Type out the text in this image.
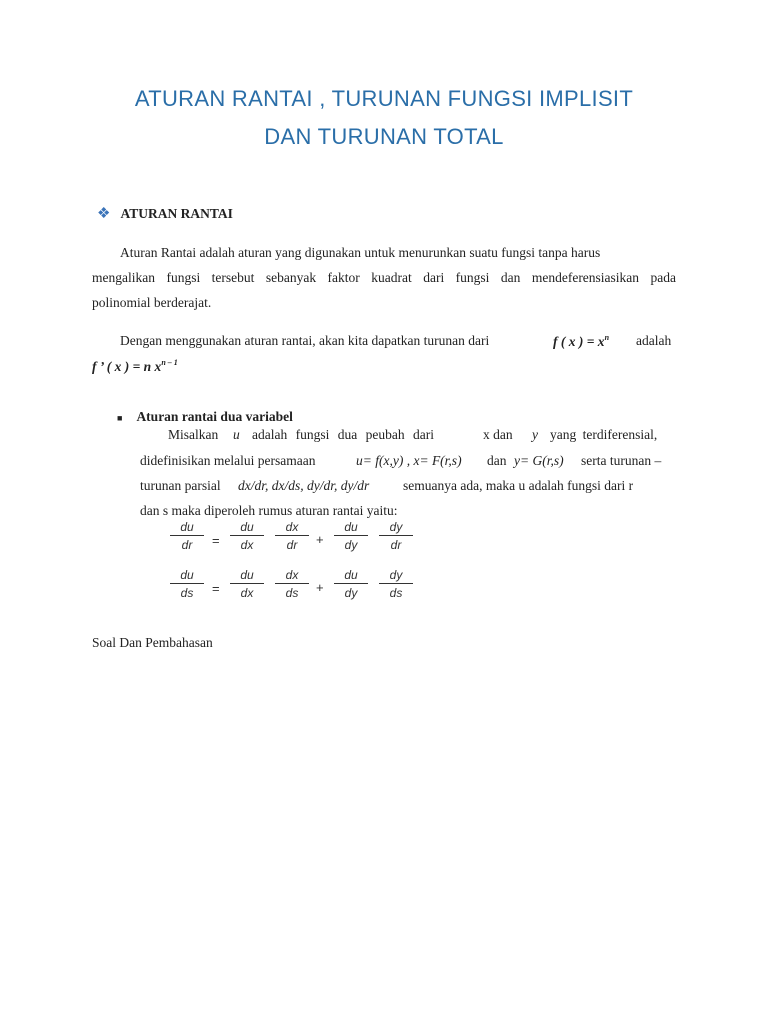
ATURAN RANTAI , TURUNAN FUNGSI IMPLISIT
DAN TURUNAN TOTAL
❖ ATURAN RANTAI
Aturan Rantai adalah aturan yang digunakan untuk menurunkan suatu fungsi tanpa harus
mengalikan fungsi tersebut sebanyak faktor kuadrat dari fungsi dan mendeferensiasikan pada
polinomial berderajat.
Dengan menggunakan aturan rantai, akan kita dapatkan turunan dari	f ( x ) = $x^n$ adalah
f ’ ( x ) = n $x^{n - 1}$
■ Aturan rantai dua variabel
Misalkan u adalah fungsi dua peubah dari	x dan y yang terdiferensial,
didefinisikan melalui persamaan	u= f(x,y) , x= F(r,s) dan y= G(r,s) serta turunan –
turunan parsial dx/dr, dx/ds, dy/dr, dy/dr	semuanya ada, maka u adalah fungsi dari r
dan s maka diperoleh rumus aturan rantai yaitu:
du
dr	=
du
dx
dx
dr	+
du
dy
dy
dr
du
ds	=
du
dx
dx
ds	+
du
dy
dy
ds
Soal Dan Pembahasan
